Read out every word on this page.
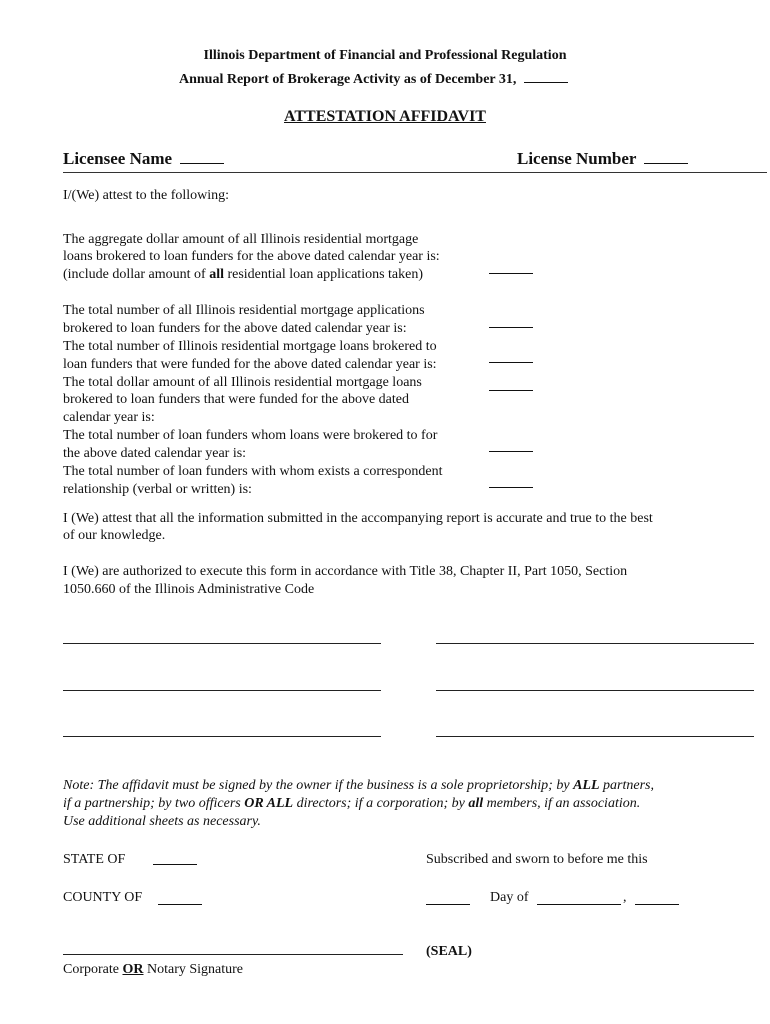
Illinois Department of Financial and Professional Regulation
Annual Report of Brokerage Activity as of December 31,
ATTESTATION AFFIDAVIT
Licensee Name	License Number
I/(We) attest to the following:
The aggregate dollar amount of all Illinois residential mortgage
loans brokered to loan funders for the above dated calendar year is:
(include dollar amount of all residential loan applications taken)
The total number of all Illinois residential mortgage applications
brokered to loan funders for the above dated calendar year is:
The total number of Illinois residential mortgage loans brokered to
loan funders that were funded for the above dated calendar year is:
The total dollar amount of all Illinois residential mortgage loans
brokered to loan funders that were funded for the above dated
calendar year is:
The total number of loan funders whom loans were brokered to for
the above dated calendar year is:
The total number of loan funders with whom exists a correspondent
relationship (verbal or written) is:
I (We) attest that all the information submitted in the accompanying report is accurate and true to the best
of our knowledge.
I (We) are authorized to execute this form in accordance with Title 38, Chapter II, Part 1050, Section
1050.660 of the Illinois Administrative Code
Note: The affidavit must be signed by the owner if the business is a sole proprietorship; by ALL partners,
if a partnership; by two officers OR ALL directors; if a corporation; by all members, if an association.
Use additional sheets as necessary.
STATE OF	Subscribed and sworn to before me this
COUNTY OF	Day of	,
(SEAL)
Corporate OR Notary Signature
